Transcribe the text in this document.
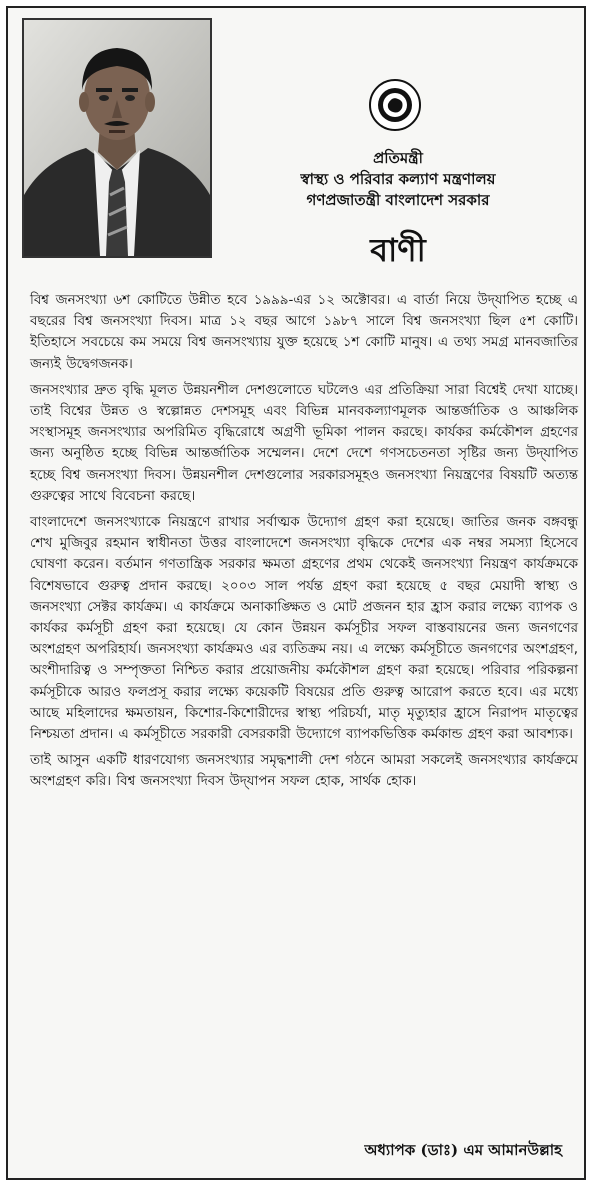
প্রতিমন্ত্রী
স্বাস্থ্য ও পরিবার কল্যাণ মন্ত্রণালয়
গণপ্রজাতন্ত্রী বাংলাদেশ সরকার
বাণী

বিশ্ব জনসংখ্যা ৬শ কোটিতে উন্নীত হবে ১৯৯৯-এর ১২ অক্টোবর। এ বার্তা নিয়ে উদ্‌যাপিত হচ্ছে এ বছরের বিশ্ব জনসংখ্যা দিবস। মাত্র ১২ বছর আগে ১৯৮৭ সালে বিশ্ব জনসংখ্যা ছিল ৫শ কোটি। ইতিহাসে সবচেয়ে কম সময়ে বিশ্ব জনসংখ্যায় যুক্ত হয়েছে ১শ কোটি মানুষ। এ তথ্য সমগ্র মানবজাতির জন্যই উদ্বেগজনক।

জনসংখ্যার দ্রুত বৃদ্ধি মূলত উন্নয়নশীল দেশগুলোতে ঘটলেও এর প্রতিক্রিয়া সারা বিশ্বেই দেখা যাচ্ছে। তাই বিশ্বের উন্নত ও স্বল্পোন্নত দেশসমূহ এবং বিভিন্ন মানবকল্যাণমূলক আন্তর্জাতিক ও আঞ্চলিক সংস্থাসমূহ জনসংখ্যার অপরিমিত বৃদ্ধিরোধে অগ্রণী ভূমিকা পালন করছে। কার্যকর কর্মকৌশল গ্রহণের জন্য অনুষ্ঠিত হচ্ছে বিভিন্ন আন্তর্জাতিক সম্মেলন। দেশে দেশে গণসচেতনতা সৃষ্টির জন্য উদ্‌যাপিত হচ্ছে বিশ্ব জনসংখ্যা দিবস। উন্নয়নশীল দেশগুলোর সরকারসমূহও জনসংখ্যা নিয়ন্ত্রণের বিষয়টি অত্যন্ত গুরুত্বের সাথে বিবেচনা করছে।

বাংলাদেশে জনসংখ্যাকে নিয়ন্ত্রণে রাখার সর্বাত্মক উদ্যোগ গ্রহণ করা হয়েছে। জাতির জনক বঙ্গবন্ধু শেখ মুজিবুর রহমান স্বাধীনতা উত্তর বাংলাদেশে জনসংখ্যা বৃদ্ধিকে দেশের এক নম্বর সমস্যা হিসেবে ঘোষণা করেন। বর্তমান গণতান্ত্রিক সরকার ক্ষমতা গ্রহণের প্রথম থেকেই জনসংখ্যা নিয়ন্ত্রণ কার্যক্রমকে বিশেষভাবে গুরুত্ব প্রদান করছে। ২০০৩ সাল পর্যন্ত গ্রহণ করা হয়েছে ৫ বছর মেয়াদী স্বাস্থ্য ও জনসংখ্যা সেক্টর কার্যক্রম। এ কার্যক্রমে অনাকাঙ্ক্ষিত ও মোট প্রজনন হার হ্রাস করার লক্ষ্যে ব্যাপক ও কার্যকর কর্মসূচী গ্রহণ করা হয়েছে। যে কোন উন্নয়ন কর্মসূচীর সফল বাস্তবায়নের জন্য জনগণের অংশগ্রহণ অপরিহার্য। জনসংখ্যা কার্যক্রমও এর ব্যতিক্রম নয়। এ লক্ষ্যে কর্মসূচীতে জনগণের অংশগ্রহণ, অংশীদারিত্ব ও সম্পৃক্ততা নিশ্চিত করার প্রয়োজনীয় কর্মকৌশল গ্রহণ করা হয়েছে। পরিবার পরিকল্পনা কর্মসূচীকে আরও ফলপ্রসূ করার লক্ষ্যে কয়েকটি বিষয়ের প্রতি গুরুত্ব আরোপ করতে হবে। এর মধ্যে আছে মহিলাদের ক্ষমতায়ন, কিশোর-কিশোরীদের স্বাস্থ্য পরিচর্যা, মাতৃ মৃত্যুহার হ্রাসে নিরাপদ মাতৃত্বের নিশ্চয়তা প্রদান। এ কর্মসূচীতে সরকারী বেসরকারী উদ্যোগে ব্যাপকভিত্তিক কর্মকান্ড গ্রহণ করা আবশ্যক।

তাই আসুন একটি ধারণযোগ্য জনসংখ্যার সমৃদ্ধশালী দেশ গঠনে আমরা সকলেই জনসংখ্যার কার্যক্রমে অংশগ্রহণ করি। বিশ্ব জনসংখ্যা দিবস উদ্‌যাপন সফল হোক, সার্থক হোক।

অধ্যাপক (ডাঃ) এম আমানউল্লাহ
